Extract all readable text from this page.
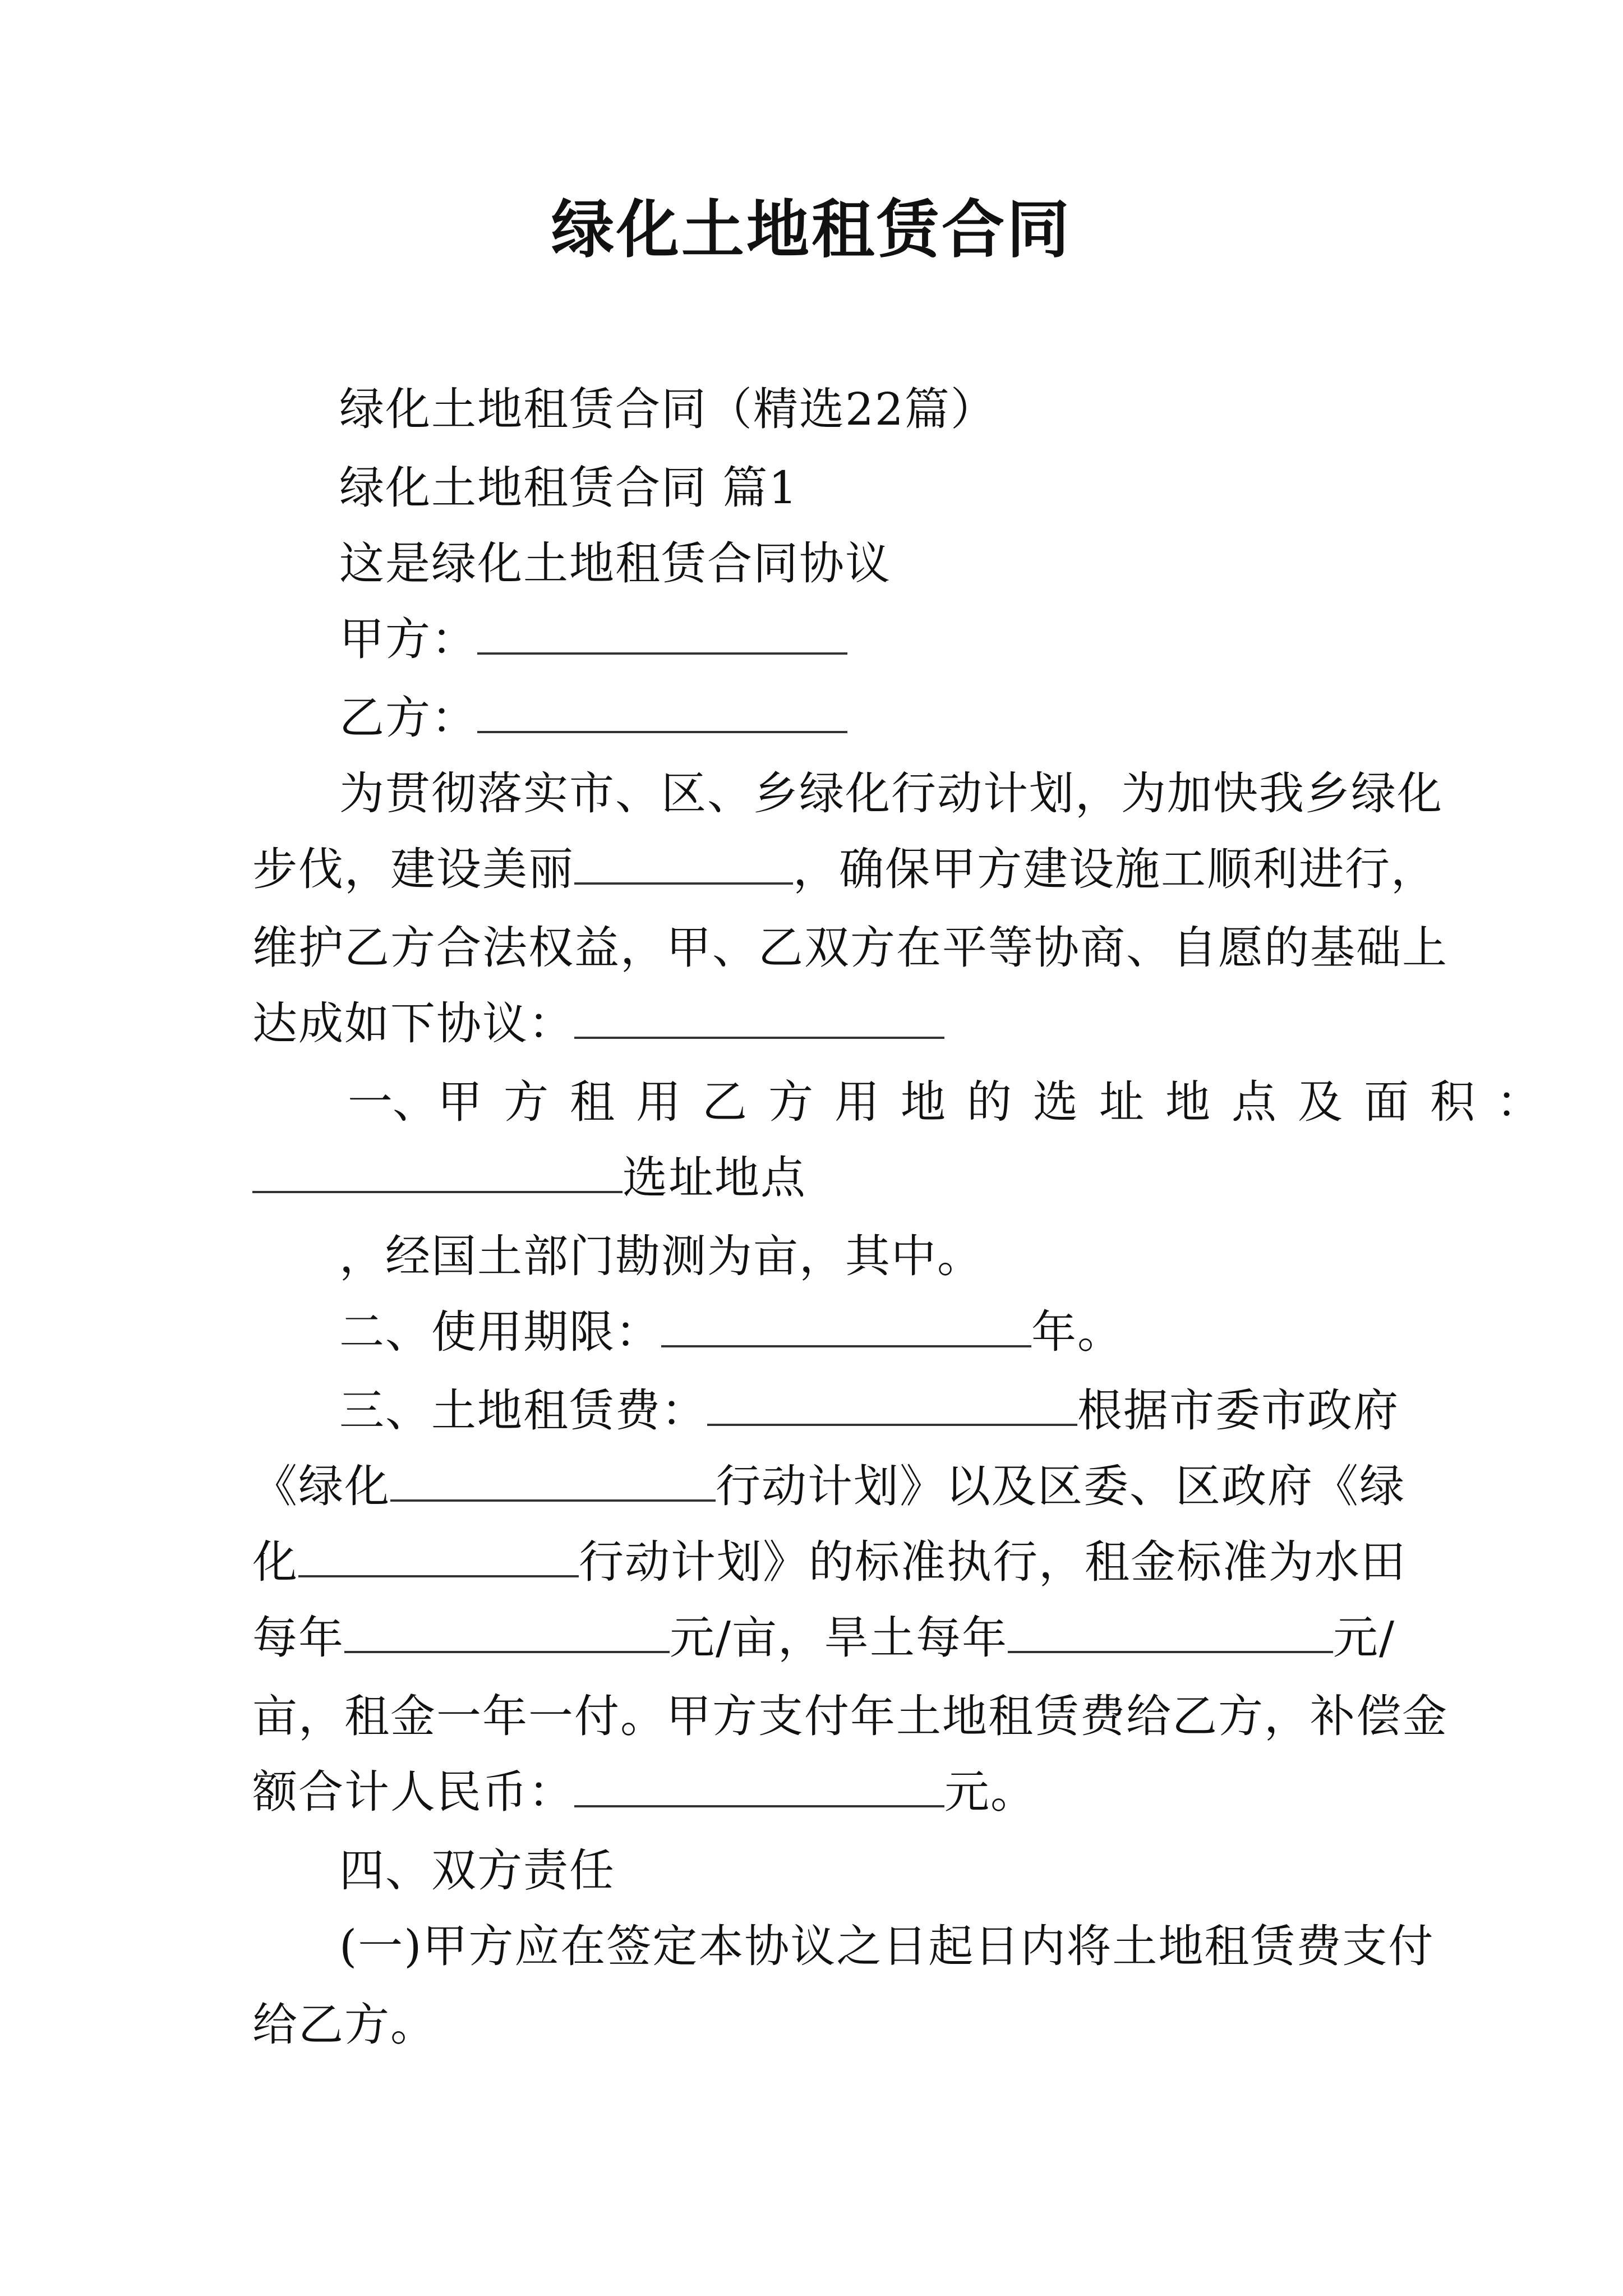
绿化土地租赁合同
绿化土地租赁合同（精选22篇）
绿化土地租赁合同 篇1
这是绿化土地租赁合同协议
甲方：
乙方：
为贯彻落实市、区、乡绿化行动计划，为加快我乡绿化
步伐，建设美丽	，确保甲方建设施工顺利进行，
维护乙方合法权益，甲、乙双方在平等协商、自愿的基础上
达成如下协议：
一、 甲方租用乙方用地的选址地点及面积：
选址地点
，经国土部门勘测为亩，其中。
二、使用期限：	年。
三、土地租赁费：	根据市委市政府
《绿化	行动计划》以及区委、区政府《绿
化	行动计划》的标准执行，租金标准为水田
每年	元/亩，旱土每年	元/
亩，租金一年一付。甲方支付年土地租赁费给乙方，补偿金
额合计人民币：	元。
四、双方责任
(一)甲方应在签定本协议之日起日内将土地租赁费支付
给乙方。
